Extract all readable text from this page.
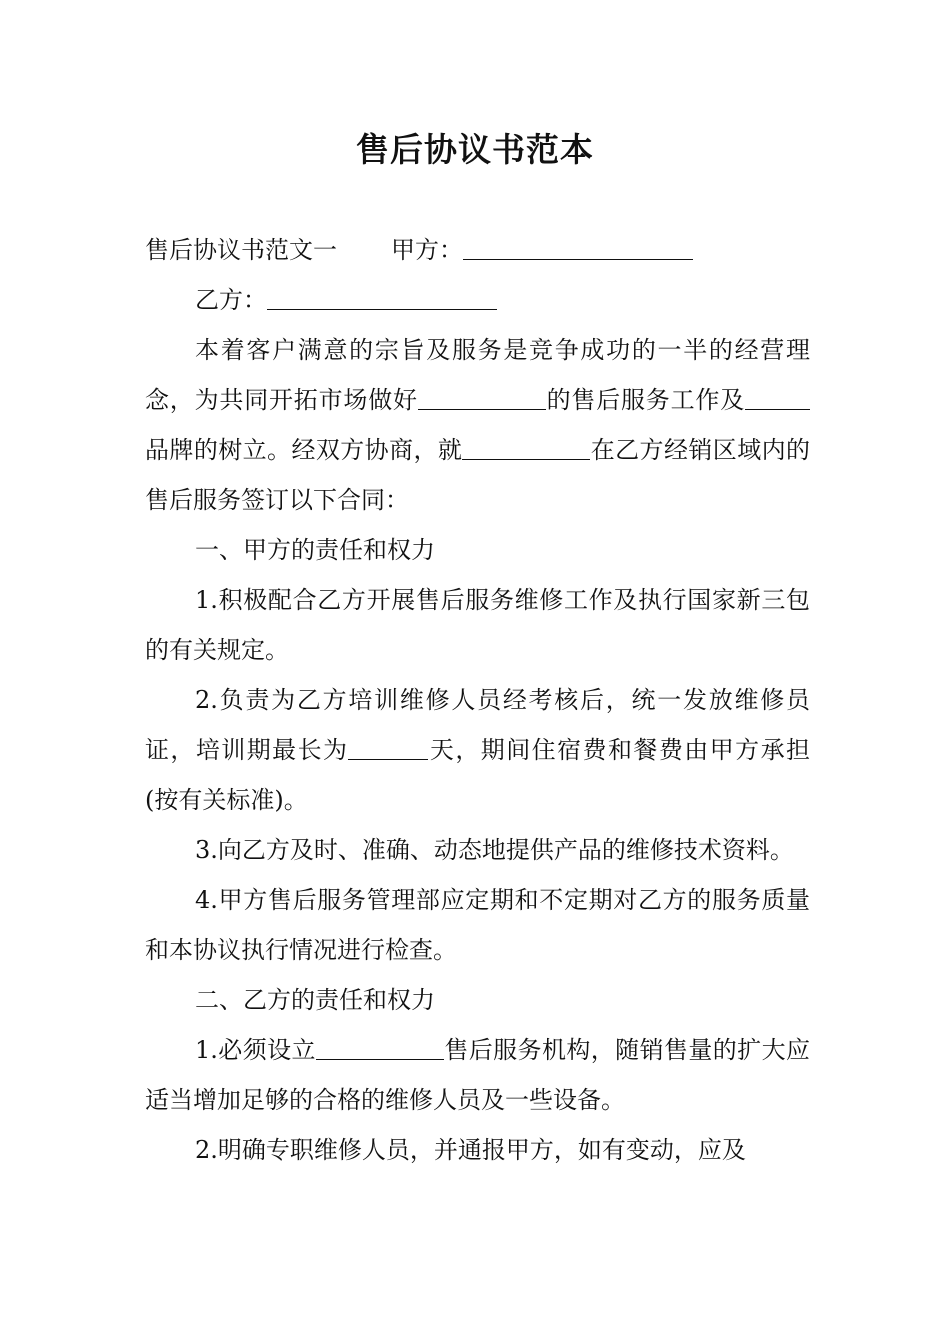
售后协议书范本

售后协议书范文一 甲方：

乙方：

本着客户满意的宗旨及服务是竞争成功的一半的经营理念，为共同开拓市场做好	的售后服务工作及品牌的树立。经双方协商，就	在乙方经销区域内的售后服务签订以下合同：

一、甲方的责任和权力

1.积极配合乙方开展售后服务维修工作及执行国家新三包的有关规定。

2.负责为乙方培训维修人员经考核后，统一发放维修员证，培训期最长为	天，期间住宿费和餐费由甲方承担(按有关标准)。

3.向乙方及时、准确、动态地提供产品的维修技术资料。

4.甲方售后服务管理部应定期和不定期对乙方的服务质量和本协议执行情况进行检查。

二、乙方的责任和权力

1.必须设立	售后服务机构，随销售量的扩大应适当增加足够的合格的维修人员及一些设备。

2.明确专职维修人员，并通报甲方，如有变动，应及
